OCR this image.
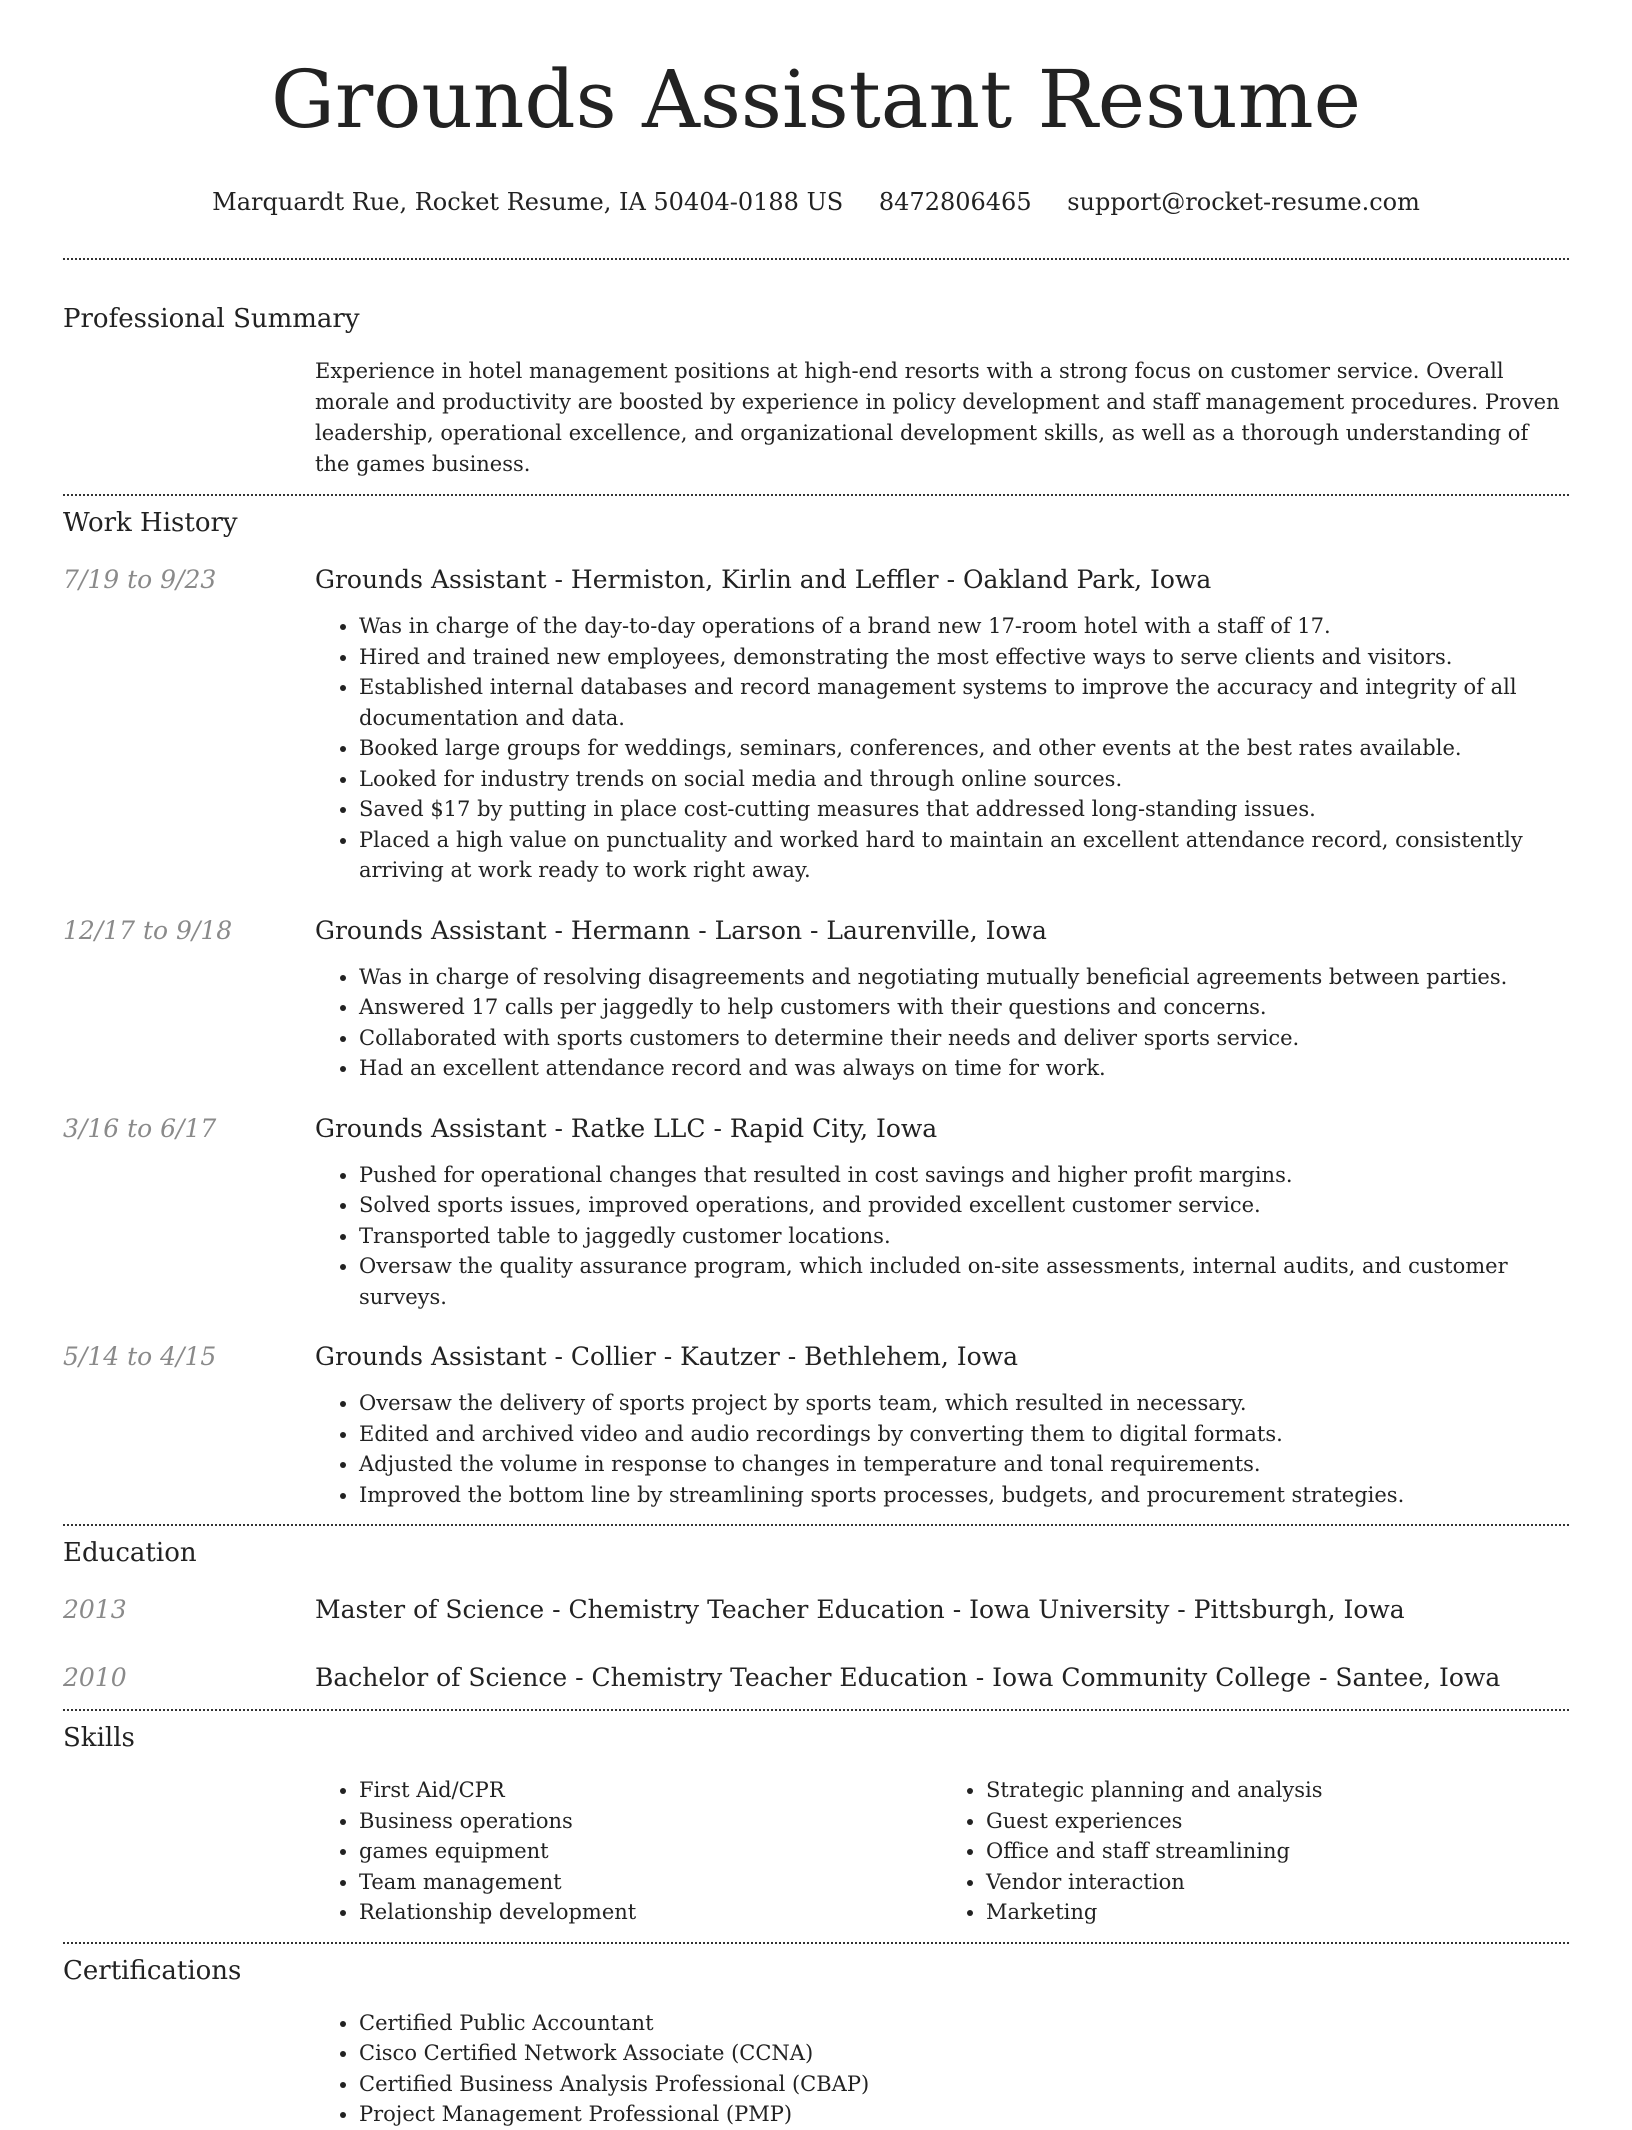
Grounds Assistant Resume
Marquardt Rue, Rocket Resume, IA 50404-0188 US 8472806465 support@rocket-resume.com
Professional Summary
Experience in hotel management positions at high-end resorts with a strong focus on customer service. Overall morale and productivity are boosted by experience in policy development and staff management procedures. Proven leadership, operational excellence, and organizational development skills, as well as a thorough understanding of the games business.
Work History
7/19 to 9/23	Grounds Assistant - Hermiston, Kirlin and Leffler - Oakland Park, Iowa
• Was in charge of the day-to-day operations of a brand new 17-room hotel with a staff of 17.
• Hired and trained new employees, demonstrating the most effective ways to serve clients and visitors.
• Established internal databases and record management systems to improve the accuracy and integrity of all documentation and data.
• Booked large groups for weddings, seminars, conferences, and other events at the best rates available.
• Looked for industry trends on social media and through online sources.
• Saved $17 by putting in place cost-cutting measures that addressed long-standing issues.
• Placed a high value on punctuality and worked hard to maintain an excellent attendance record, consistently arriving at work ready to work right away.
12/17 to 9/18	Grounds Assistant - Hermann - Larson - Laurenville, Iowa
• Was in charge of resolving disagreements and negotiating mutually beneficial agreements between parties.
• Answered 17 calls per jaggedly to help customers with their questions and concerns.
• Collaborated with sports customers to determine their needs and deliver sports service.
• Had an excellent attendance record and was always on time for work.
3/16 to 6/17	Grounds Assistant - Ratke LLC - Rapid City, Iowa
• Pushed for operational changes that resulted in cost savings and higher profit margins.
• Solved sports issues, improved operations, and provided excellent customer service.
• Transported table to jaggedly customer locations.
• Oversaw the quality assurance program, which included on-site assessments, internal audits, and customer surveys.
5/14 to 4/15	Grounds Assistant - Collier - Kautzer - Bethlehem, Iowa
• Oversaw the delivery of sports project by sports team, which resulted in necessary.
• Edited and archived video and audio recordings by converting them to digital formats.
• Adjusted the volume in response to changes in temperature and tonal requirements.
• Improved the bottom line by streamlining sports processes, budgets, and procurement strategies.
Education
2013	Master of Science - Chemistry Teacher Education - Iowa University - Pittsburgh, Iowa
2010	Bachelor of Science - Chemistry Teacher Education - Iowa Community College - Santee, Iowa
Skills
• First Aid/CPR
• Business operations
• games equipment
• Team management
• Relationship development
• Strategic planning and analysis
• Guest experiences
• Office and staff streamlining
• Vendor interaction
• Marketing
Certifications
• Certified Public Accountant
• Cisco Certified Network Associate (CCNA)
• Certified Business Analysis Professional (CBAP)
• Project Management Professional (PMP)
